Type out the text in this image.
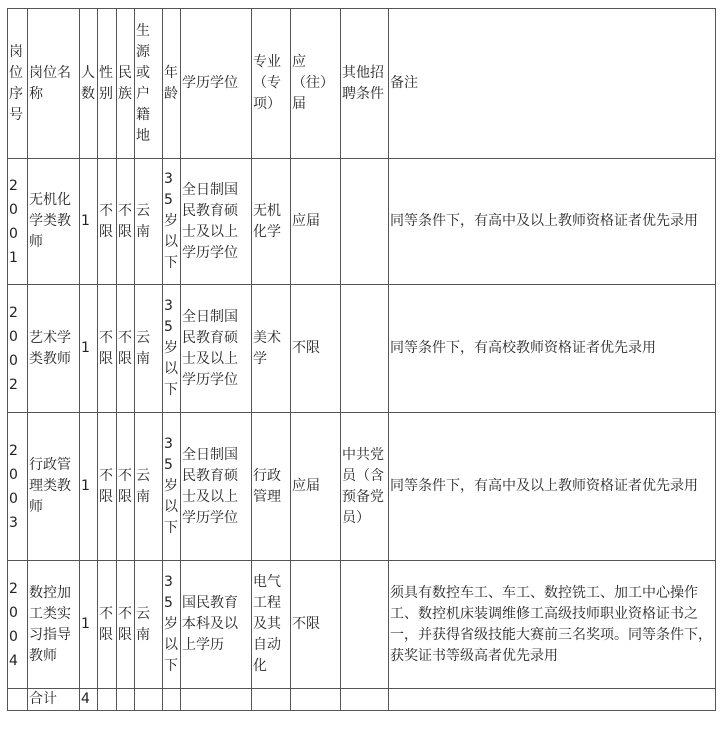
岗位序号	岗位名称	人数	性别	民族	生源或户籍地	年龄	学历学位	专业（专项）	应（往）届	其他招聘条件	备注
2001	无机化学类教师	1	不限	不限	云南	35岁以下	全日制国民教育硕士及以上学历学位	无机化学	应届		同等条件下，有高中及以上教师资格证者优先录用
2002	艺术学类教师	1	不限	不限	云南	35岁以下	全日制国民教育硕士及以上学历学位	美术学	不限		同等条件下，有高校教师资格证者优先录用
2003	行政管理类教师	1	不限	不限	云南	35岁以下	全日制国民教育硕士及以上学历学位	行政管理	应届	中共党员（含预备党员）	同等条件下，有高中及以上教师资格证者优先录用
2004	数控加工类实习指导教师	1	不限	不限	云南	35岁以下	国民教育本科及以上学历	电气工程及其自动化	不限		须具有数控车工、车工、数控铣工、加工中心操作工、数控机床装调维修工高级技师职业资格证书之一，并获得省级技能大赛前三名奖项。同等条件下，获奖证书等级高者优先录用
	合计	4									
